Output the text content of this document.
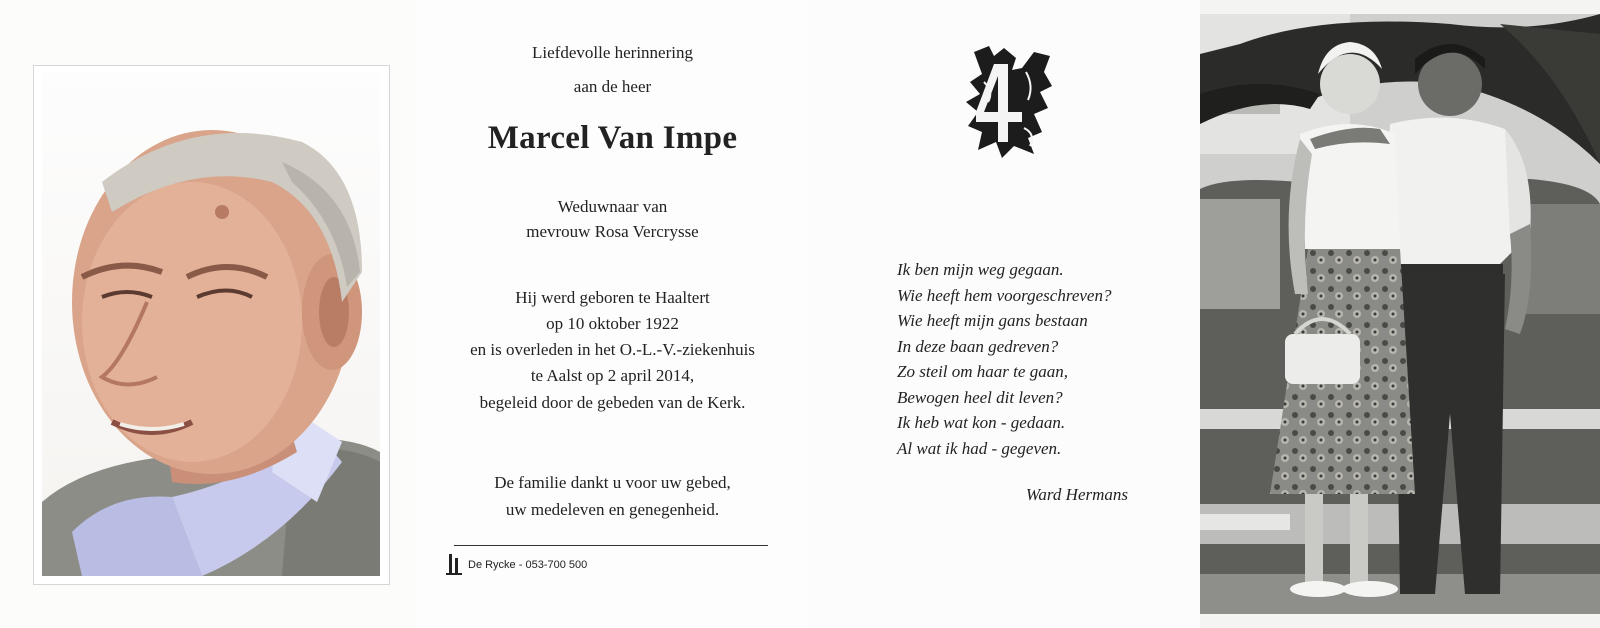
Liefdevolle herinnering
aan de heer
Marcel Van Impe
Weduwnaar van
mevrouw Rosa Vercrysse
Hij werd geboren te Haaltert
op 10 oktober 1922
en is overleden in het O.-L.-V.-ziekenhuis
te Aalst op 2 april 2014,
begeleid door de gebeden van de Kerk.
De familie dankt u voor uw gebed,
uw medeleven en genegenheid.
De Rycke - 053-700 500
Ik ben mijn weg gegaan.
Wie heeft hem voorgeschreven?
Wie heeft mijn gans bestaan
In deze baan gedreven?
Zo steil om haar te gaan,
Bewogen heel dit leven?
Ik heb wat kon - gedaan.
Al wat ik had - gegeven.
Ward Hermans
